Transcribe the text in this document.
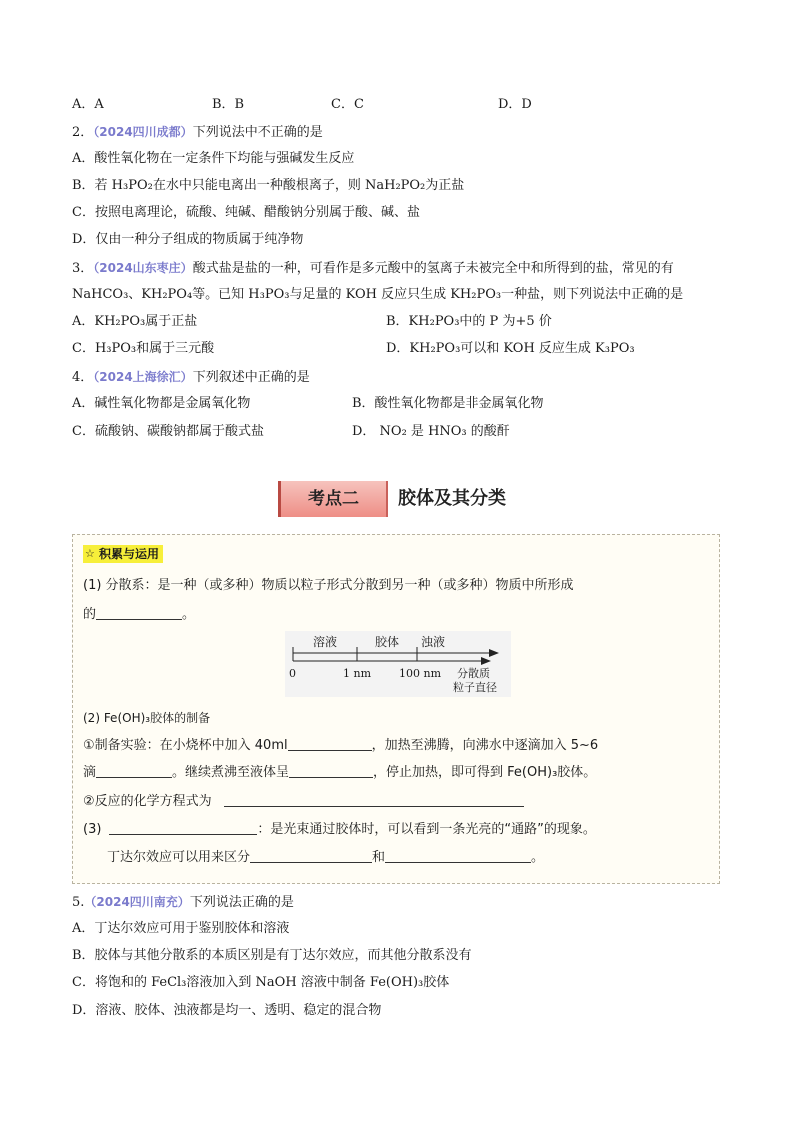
A．A	B．B	C．C	D．D
2．（2024四川成都）下列说法中不正确的是
A．酸性氧化物在一定条件下均能与强碱发生反应
B．若 H₃PO₂在水中只能电离出一种酸根离子，则 NaH₂PO₂为正盐
C．按照电离理论，硫酸、纯碱、醋酸钠分别属于酸、碱、盐
D．仅由一种分子组成的物质属于纯净物
3．（2024山东枣庄）酸式盐是盐的一种，可看作是多元酸中的氢离子未被完全中和所得到的盐，常见的有
NaHCO₃、KH₂PO₄等。已知 H₃PO₃与足量的 KOH 反应只生成 KH₂PO₃一种盐，则下列说法中正确的是
A．KH₂PO₃属于正盐	B．KH₂PO₃中的 P 为+5 价
C．H₃PO₃和属于三元酸	D．KH₂PO₃可以和 KOH 反应生成 K₃PO₃
4．（2024上海徐汇）下列叙述中正确的是
A．碱性氧化物都是金属氧化物	B．酸性氧化物都是非金属氧化物
C．硫酸钠、碳酸钠都属于酸式盐	D． NO₂ 是 HNO₃ 的酸酐
考点二	胶体及其分类
☆ 积累与运用
(1) 分散系：是一种（或多种）物质以粒子形式分散到另一种（或多种）物质中所形成
的	。
溶液	胶体 浊液
0	1 nm	100 nm 分散质
粒子直径
(2) Fe(OH)₃胶体的制备
①制备实验：在小烧杯中加入 40ml	，加热至沸腾，向沸水中逐滴加入 5~6
滴	。继续煮沸至液体呈	，停止加热，即可得到 Fe(OH)₃胶体。
②反应的化学方程式为
(3)	：是光束通过胶体时，可以看到一条光亮的“通路”的现象。
丁达尔效应可以用来区分	和	。
5.（2024四川南充）下列说法正确的是
A．丁达尔效应可用于鉴别胶体和溶液
B．胶体与其他分散系的本质区别是有丁达尔效应，而其他分散系没有
C．将饱和的 FeCl₃溶液加入到 NaOH 溶液中制备 Fe(OH)₃胶体
D．溶液、胶体、浊液都是均一、透明、稳定的混合物
